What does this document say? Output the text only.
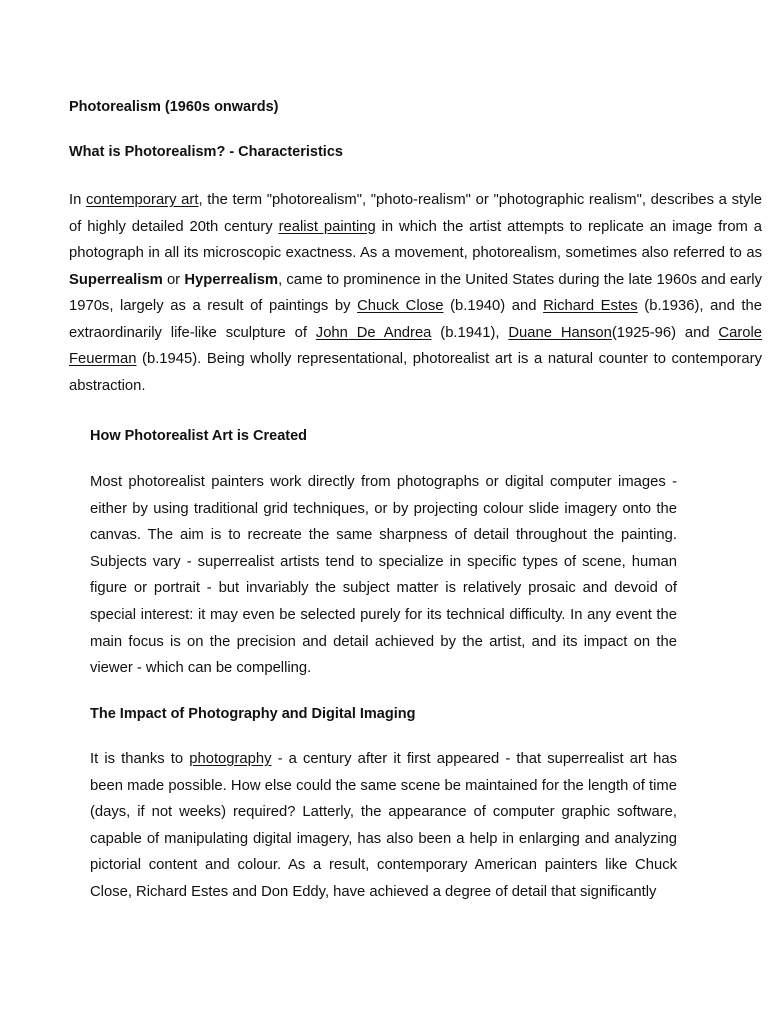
Photorealism (1960s onwards)
What is Photorealism? - Characteristics

In contemporary art, the term "photorealism", "photo-realism" or "photographic realism", describes a style of highly detailed 20th century realist painting in which the artist attempts to replicate an image from a photograph in all its microscopic exactness. As a movement, photorealism, sometimes also referred to as Superrealism or Hyperrealism, came to prominence in the United States during the late 1960s and early 1970s, largely as a result of paintings by Chuck Close (b.1940) and Richard Estes (b.1936), and the extraordinarily life-like sculpture of John De Andrea (b.1941), Duane Hanson(1925-96) and Carole Feuerman (b.1945). Being wholly representational, photorealist art is a natural counter to contemporary abstraction.

How Photorealist Art is Created

Most photorealist painters work directly from photographs or digital computer images - either by using traditional grid techniques, or by projecting colour slide imagery onto the canvas. The aim is to recreate the same sharpness of detail throughout the painting. Subjects vary - superrealist artists tend to specialize in specific types of scene, human figure or portrait - but invariably the subject matter is relatively prosaic and devoid of special interest: it may even be selected purely for its technical difficulty. In any event the main focus is on the precision and detail achieved by the artist, and its impact on the viewer - which can be compelling.

The Impact of Photography and Digital Imaging

It is thanks to photography - a century after it first appeared - that superrealist art has been made possible. How else could the same scene be maintained for the length of time (days, if not weeks) required? Latterly, the appearance of computer graphic software, capable of manipulating digital imagery, has also been a help in enlarging and analyzing pictorial content and colour. As a result, contemporary American painters like Chuck Close, Richard Estes and Don Eddy, have achieved a degree of detail that significantly
